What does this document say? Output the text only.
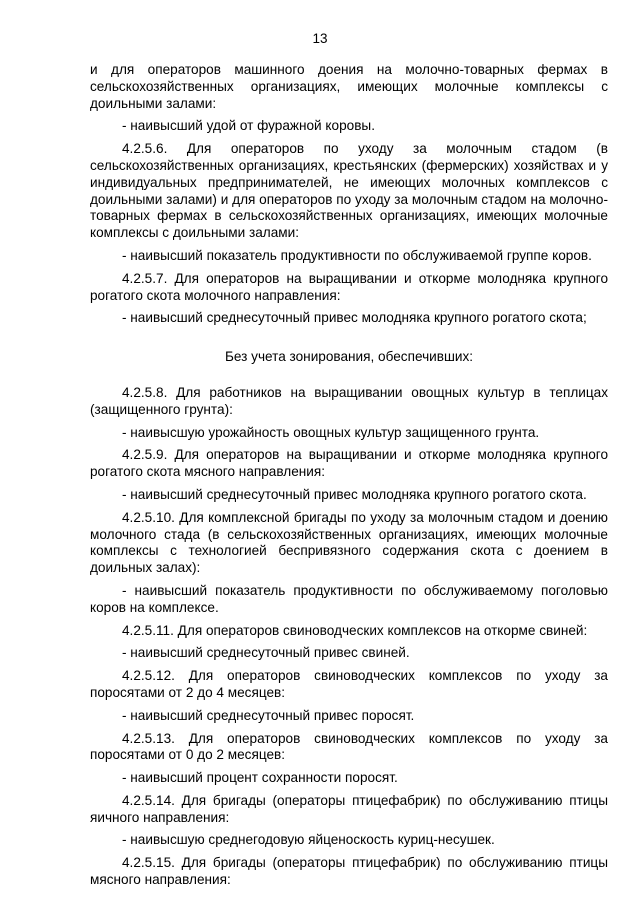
13

и для операторов машинного доения на молочно-товарных фермах в сельскохозяйственных организациях, имеющих молочные комплексы с доильными залами:

- наивысший удой от фуражной коровы.

4.2.5.6. Для операторов по уходу за молочным стадом (в сельскохозяйственных организациях, крестьянских (фермерских) хозяйствах и у индивидуальных предпринимателей, не имеющих молочных комплексов с доильными залами) и для операторов по уходу за молочным стадом на молочно-товарных фермах в сельскохозяйственных организациях, имеющих молочные комплексы с доильными залами:

- наивысший показатель продуктивности по обслуживаемой группе коров.

4.2.5.7. Для операторов на выращивании и откорме молодняка крупного рогатого скота молочного направления:

- наивысший среднесуточный привес молодняка крупного рогатого скота;

Без учета зонирования, обеспечивших:

4.2.5.8. Для работников на выращивании овощных культур в теплицах (защищенного грунта):

- наивысшую урожайность овощных культур защищенного грунта.

4.2.5.9. Для операторов на выращивании и откорме молодняка крупного рогатого скота мясного направления:

- наивысший среднесуточный привес молодняка крупного рогатого скота.

4.2.5.10. Для комплексной бригады по уходу за молочным стадом и доению молочного стада (в сельскохозяйственных организациях, имеющих молочные комплексы с технологией беспривязного содержания скота с доением в доильных залах):

- наивысший показатель продуктивности по обслуживаемому поголовью коров на комплексе.

4.2.5.11. Для операторов свиноводческих комплексов на откорме свиней:

- наивысший среднесуточный привес свиней.

4.2.5.12. Для операторов свиноводческих комплексов по уходу за поросятами от 2 до 4 месяцев:

- наивысший среднесуточный привес поросят.

4.2.5.13. Для операторов свиноводческих комплексов по уходу за поросятами от 0 до 2 месяцев:

- наивысший процент сохранности поросят.

4.2.5.14. Для бригады (операторы птицефабрик) по обслуживанию птицы яичного направления:

- наивысшую среднегодовую яйценоскость куриц-несушек.

4.2.5.15. Для бригады (операторы птицефабрик) по обслуживанию птицы мясного направления:
